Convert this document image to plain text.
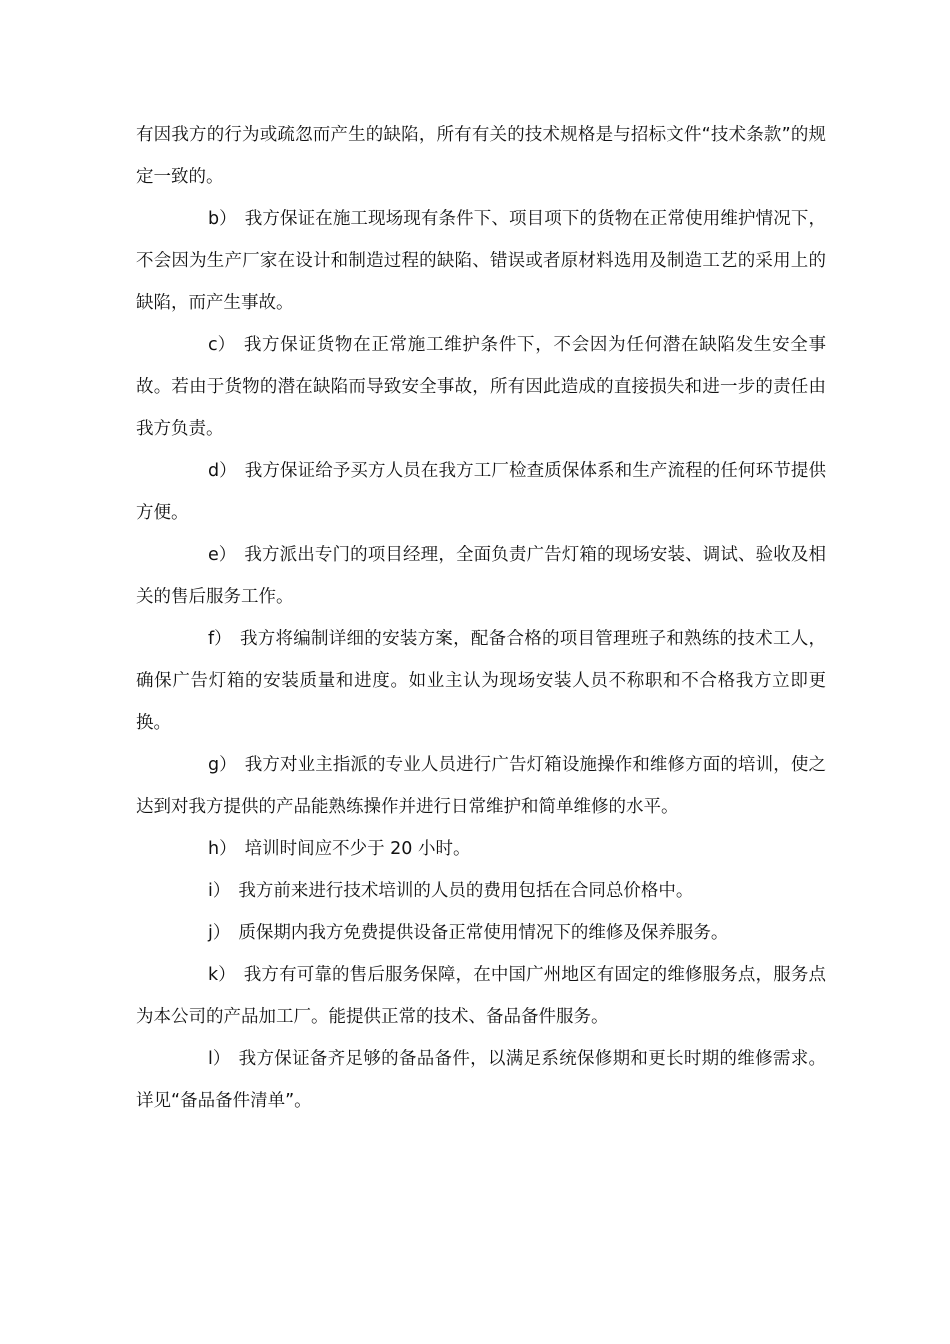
有因我方的行为或疏忽而产生的缺陷，所有有关的技术规格是与招标文件“技术条款”的规定一致的。

b） 我方保证在施工现场现有条件下、项目项下的货物在正常使用维护情况下，不会因为生产厂家在设计和制造过程的缺陷、错误或者原材料选用及制造工艺的采用上的缺陷，而产生事故。

c） 我方保证货物在正常施工维护条件下，不会因为任何潜在缺陷发生安全事故。若由于货物的潜在缺陷而导致安全事故，所有因此造成的直接损失和进一步的责任由我方负责。

d） 我方保证给予买方人员在我方工厂检查质保体系和生产流程的任何环节提供方便。

e） 我方派出专门的项目经理，全面负责广告灯箱的现场安装、调试、验收及相关的售后服务工作。

f） 我方将编制详细的安装方案，配备合格的项目管理班子和熟练的技术工人，确保广告灯箱的安装质量和进度。如业主认为现场安装人员不称职和不合格我方立即更换。

g） 我方对业主指派的专业人员进行广告灯箱设施操作和维修方面的培训，使之达到对我方提供的产品能熟练操作并进行日常维护和简单维修的水平。

h） 培训时间应不少于 20 小时。

i） 我方前来进行技术培训的人员的费用包括在合同总价格中。

j） 质保期内我方免费提供设备正常使用情况下的维修及保养服务。

k） 我方有可靠的售后服务保障，在中国广州地区有固定的维修服务点，服务点为本公司的产品加工厂。能提供正常的技术、备品备件服务。

l） 我方保证备齐足够的备品备件，以满足系统保修期和更长时期的维修需求。详见“备品备件清单”。
